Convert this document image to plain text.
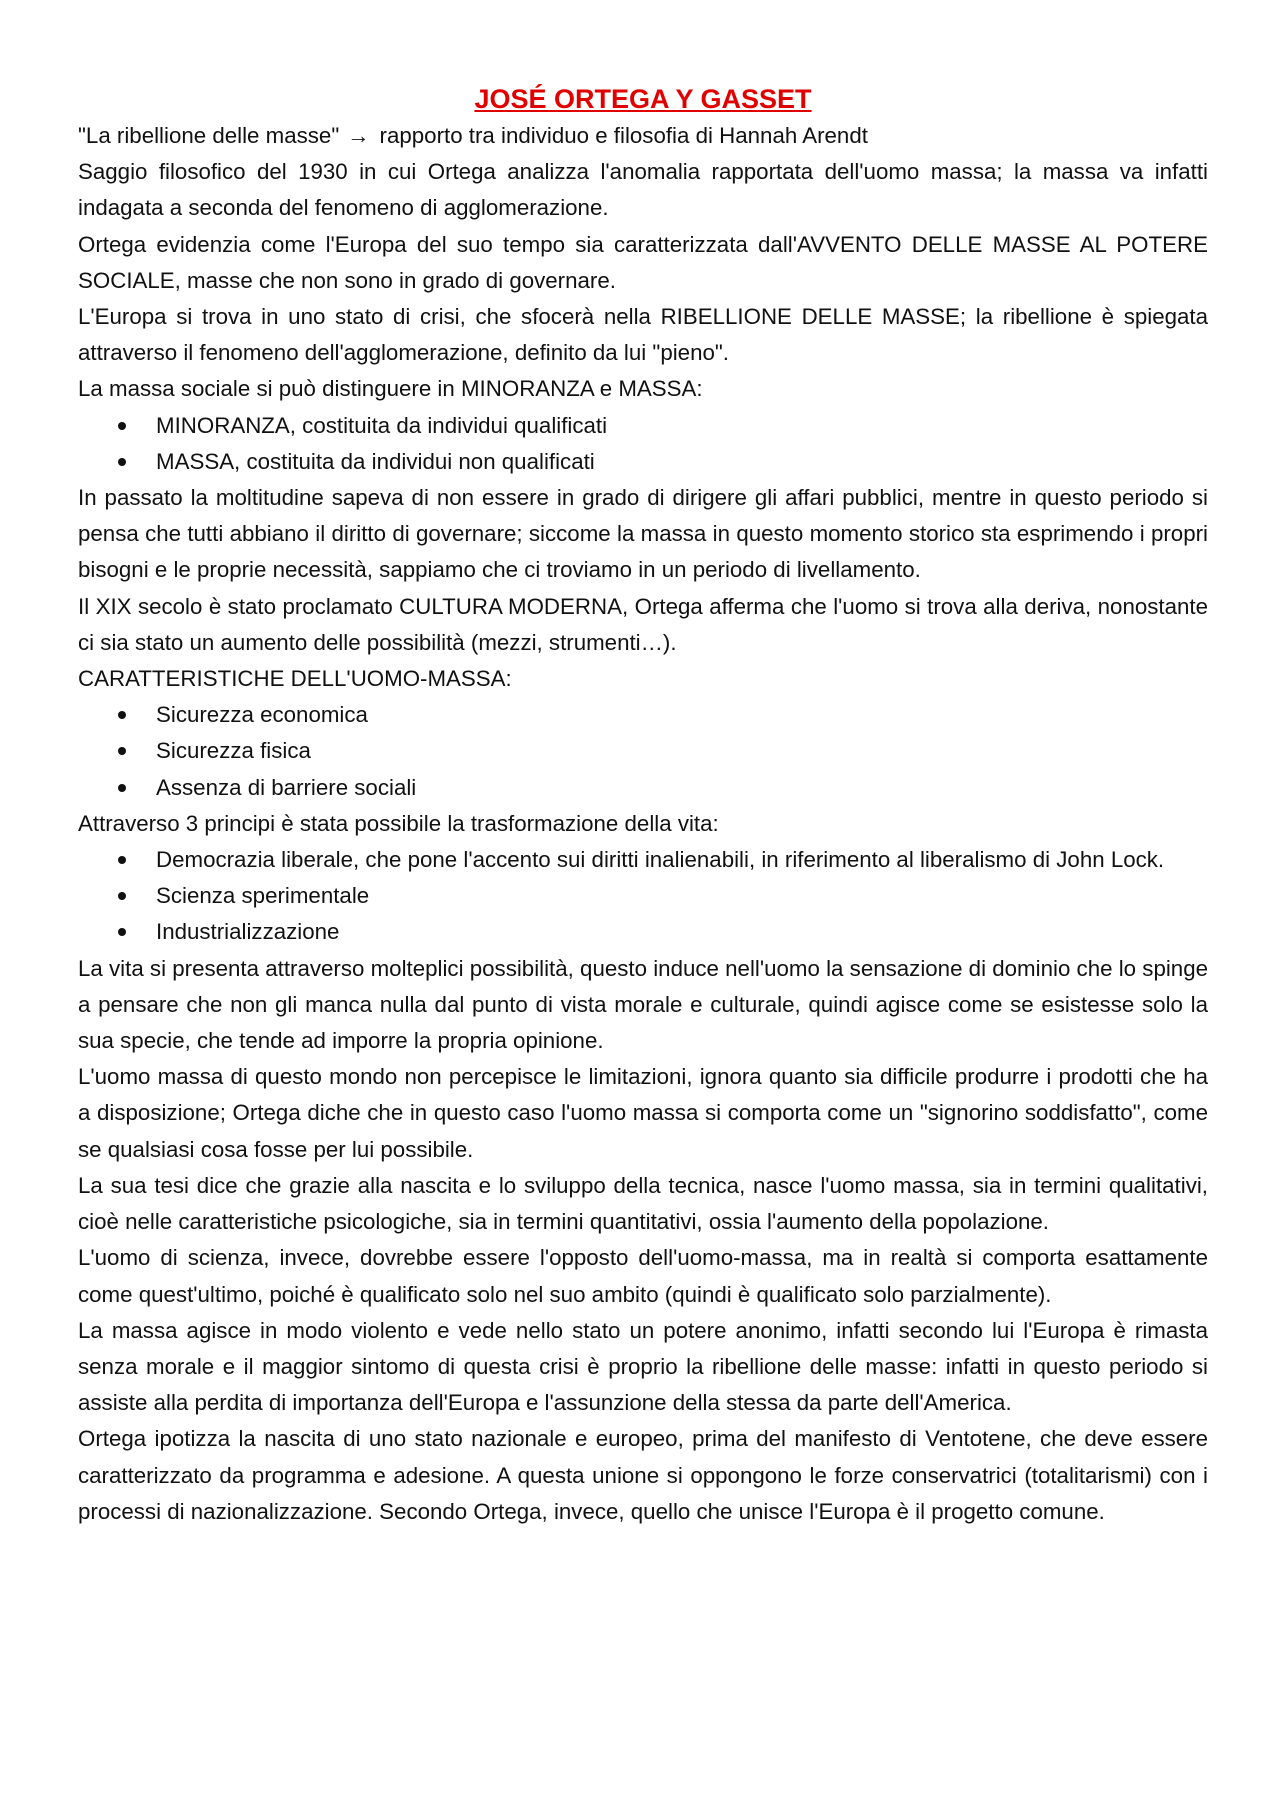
JOSÉ ORTEGA Y GASSET
"La ribellione delle masse" → rapporto tra individuo e filosofia di Hannah Arendt

Saggio filosofico del 1930 in cui Ortega analizza l'anomalia rapportata dell'uomo massa; la massa va infatti indagata a seconda del fenomeno di agglomerazione.

Ortega evidenzia come l'Europa del suo tempo sia caratterizzata dall'AVVENTO DELLE MASSE AL POTERE SOCIALE, masse che non sono in grado di governare.

L'Europa si trova in uno stato di crisi, che sfocerà nella RIBELLIONE DELLE MASSE; la ribellione è spiegata attraverso il fenomeno dell'agglomerazione, definito da lui "pieno".

La massa sociale si può distinguere in MINORANZA e MASSA:

MINORANZA, costituita da individui qualificati
MASSA, costituita da individui non qualificati

In passato la moltitudine sapeva di non essere in grado di dirigere gli affari pubblici, mentre in questo periodo si pensa che tutti abbiano il diritto di governare; siccome la massa in questo momento storico sta esprimendo i propri bisogni e le proprie necessità, sappiamo che ci troviamo in un periodo di livellamento.

Il XIX secolo è stato proclamato CULTURA MODERNA, Ortega afferma che l'uomo si trova alla deriva, nonostante ci sia stato un aumento delle possibilità (mezzi, strumenti…).

CARATTERISTICHE DELL'UOMO-MASSA:

Sicurezza economica
Sicurezza fisica
Assenza di barriere sociali

Attraverso 3 principi è stata possibile la trasformazione della vita:

Democrazia liberale, che pone l'accento sui diritti inalienabili, in riferimento al liberalismo di John Lock.
Scienza sperimentale
Industrializzazione

La vita si presenta attraverso molteplici possibilità, questo induce nell'uomo la sensazione di dominio che lo spinge a pensare che non gli manca nulla dal punto di vista morale e culturale, quindi agisce come se esistesse solo la sua specie, che tende ad imporre la propria opinione.

L'uomo massa di questo mondo non percepisce le limitazioni, ignora quanto sia difficile produrre i prodotti che ha a disposizione; Ortega diche che in questo caso l'uomo massa si comporta come un "signorino soddisfatto", come se qualsiasi cosa fosse per lui possibile.

La sua tesi dice che grazie alla nascita e lo sviluppo della tecnica, nasce l'uomo massa, sia in termini qualitativi, cioè nelle caratteristiche psicologiche, sia in termini quantitativi, ossia l'aumento della popolazione.

L'uomo di scienza, invece, dovrebbe essere l'opposto dell'uomo-massa, ma in realtà si comporta esattamente come quest'ultimo, poiché è qualificato solo nel suo ambito (quindi è qualificato solo parzialmente).

La massa agisce in modo violento e vede nello stato un potere anonimo, infatti secondo lui l'Europa è rimasta senza morale e il maggior sintomo di questa crisi è proprio la ribellione delle masse: infatti in questo periodo si assiste alla perdita di importanza dell'Europa e l'assunzione della stessa da parte dell'America.

Ortega ipotizza la nascita di uno stato nazionale e europeo, prima del manifesto di Ventotene, che deve essere caratterizzato da programma e adesione. A questa unione si oppongono le forze conservatrici (totalitarismi) con i processi di nazionalizzazione. Secondo Ortega, invece, quello che unisce l'Europa è il progetto comune.
